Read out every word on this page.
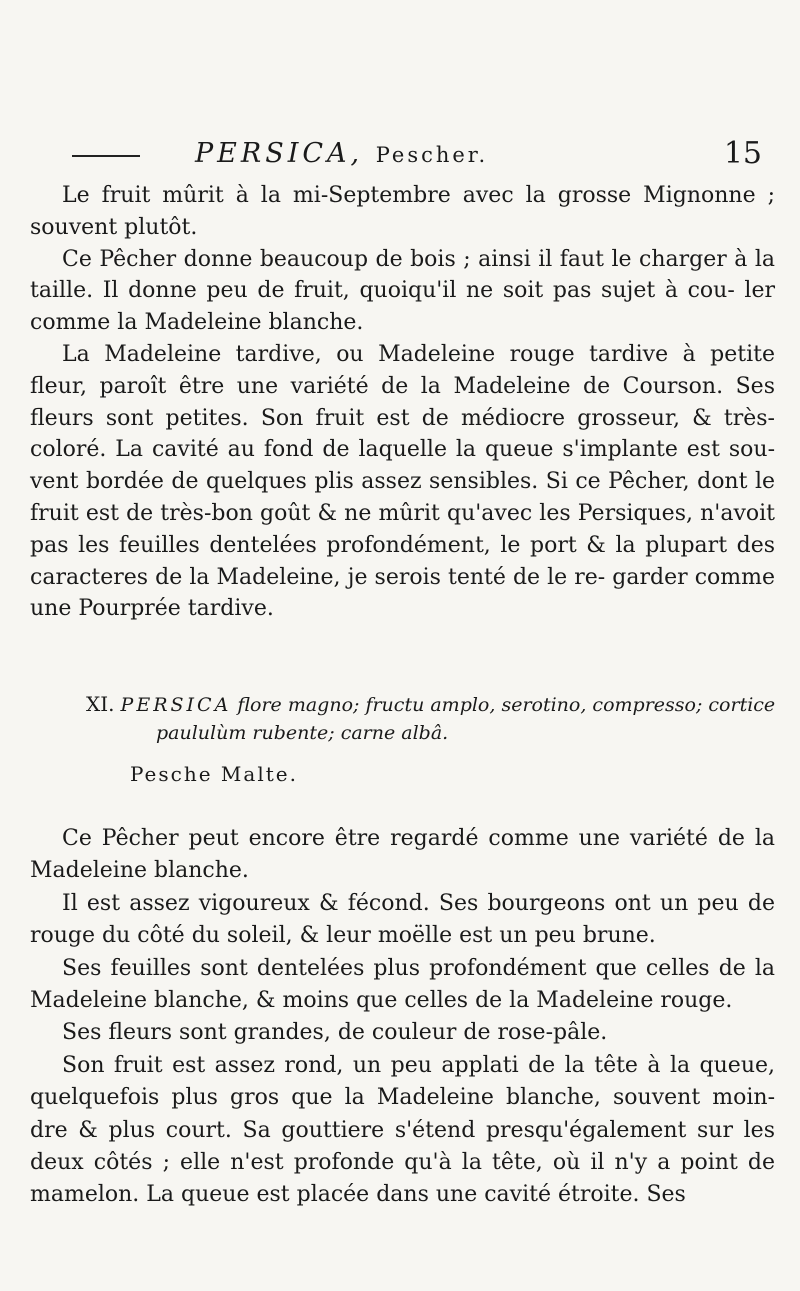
PERSICA, Pescher.	15

Le fruit mûrit à la mi-Septembre avec la grosse Mignonne ; souvent plutôt.

Ce Pêcher donne beaucoup de bois ; ainsi il faut le charger à la taille. Il donne peu de fruit, quoiqu'il ne soit pas sujet à cou- ler comme la Madeleine blanche.

La Madeleine tardive, ou Madeleine rouge tardive à petite fleur, paroît être une variété de la Madeleine de Courson. Ses fleurs sont petites. Son fruit est de médiocre grosseur, & très- coloré. La cavité au fond de laquelle la queue s'implante est sou- vent bordée de quelques plis assez sensibles. Si ce Pêcher, dont le fruit est de très-bon goût & ne mûrit qu'avec les Persiques, n'avoit pas les feuilles dentelées profondément, le port & la plupart des caracteres de la Madeleine, je serois tenté de le re- garder comme une Pourprée tardive.

XI. PERSICA flore magno; fructu amplo, serotino, compresso; cortice
paululùm rubente; carne albâ.
Pesche Malte.

Ce Pêcher peut encore être regardé comme une variété de la Madeleine blanche.

Il est assez vigoureux & fécond. Ses bourgeons ont un peu de rouge du côté du soleil, & leur moëlle est un peu brune.

Ses feuilles sont dentelées plus profondément que celles de la Madeleine blanche, & moins que celles de la Madeleine rouge.

Ses fleurs sont grandes, de couleur de rose-pâle.

Son fruit est assez rond, un peu applati de la tête à la queue, quelquefois plus gros que la Madeleine blanche, souvent moin- dre & plus court. Sa gouttiere s'étend presqu'également sur les deux côtés ; elle n'est profonde qu'à la tête, où il n'y a point de mamelon. La queue est placée dans une cavité étroite. Ses
